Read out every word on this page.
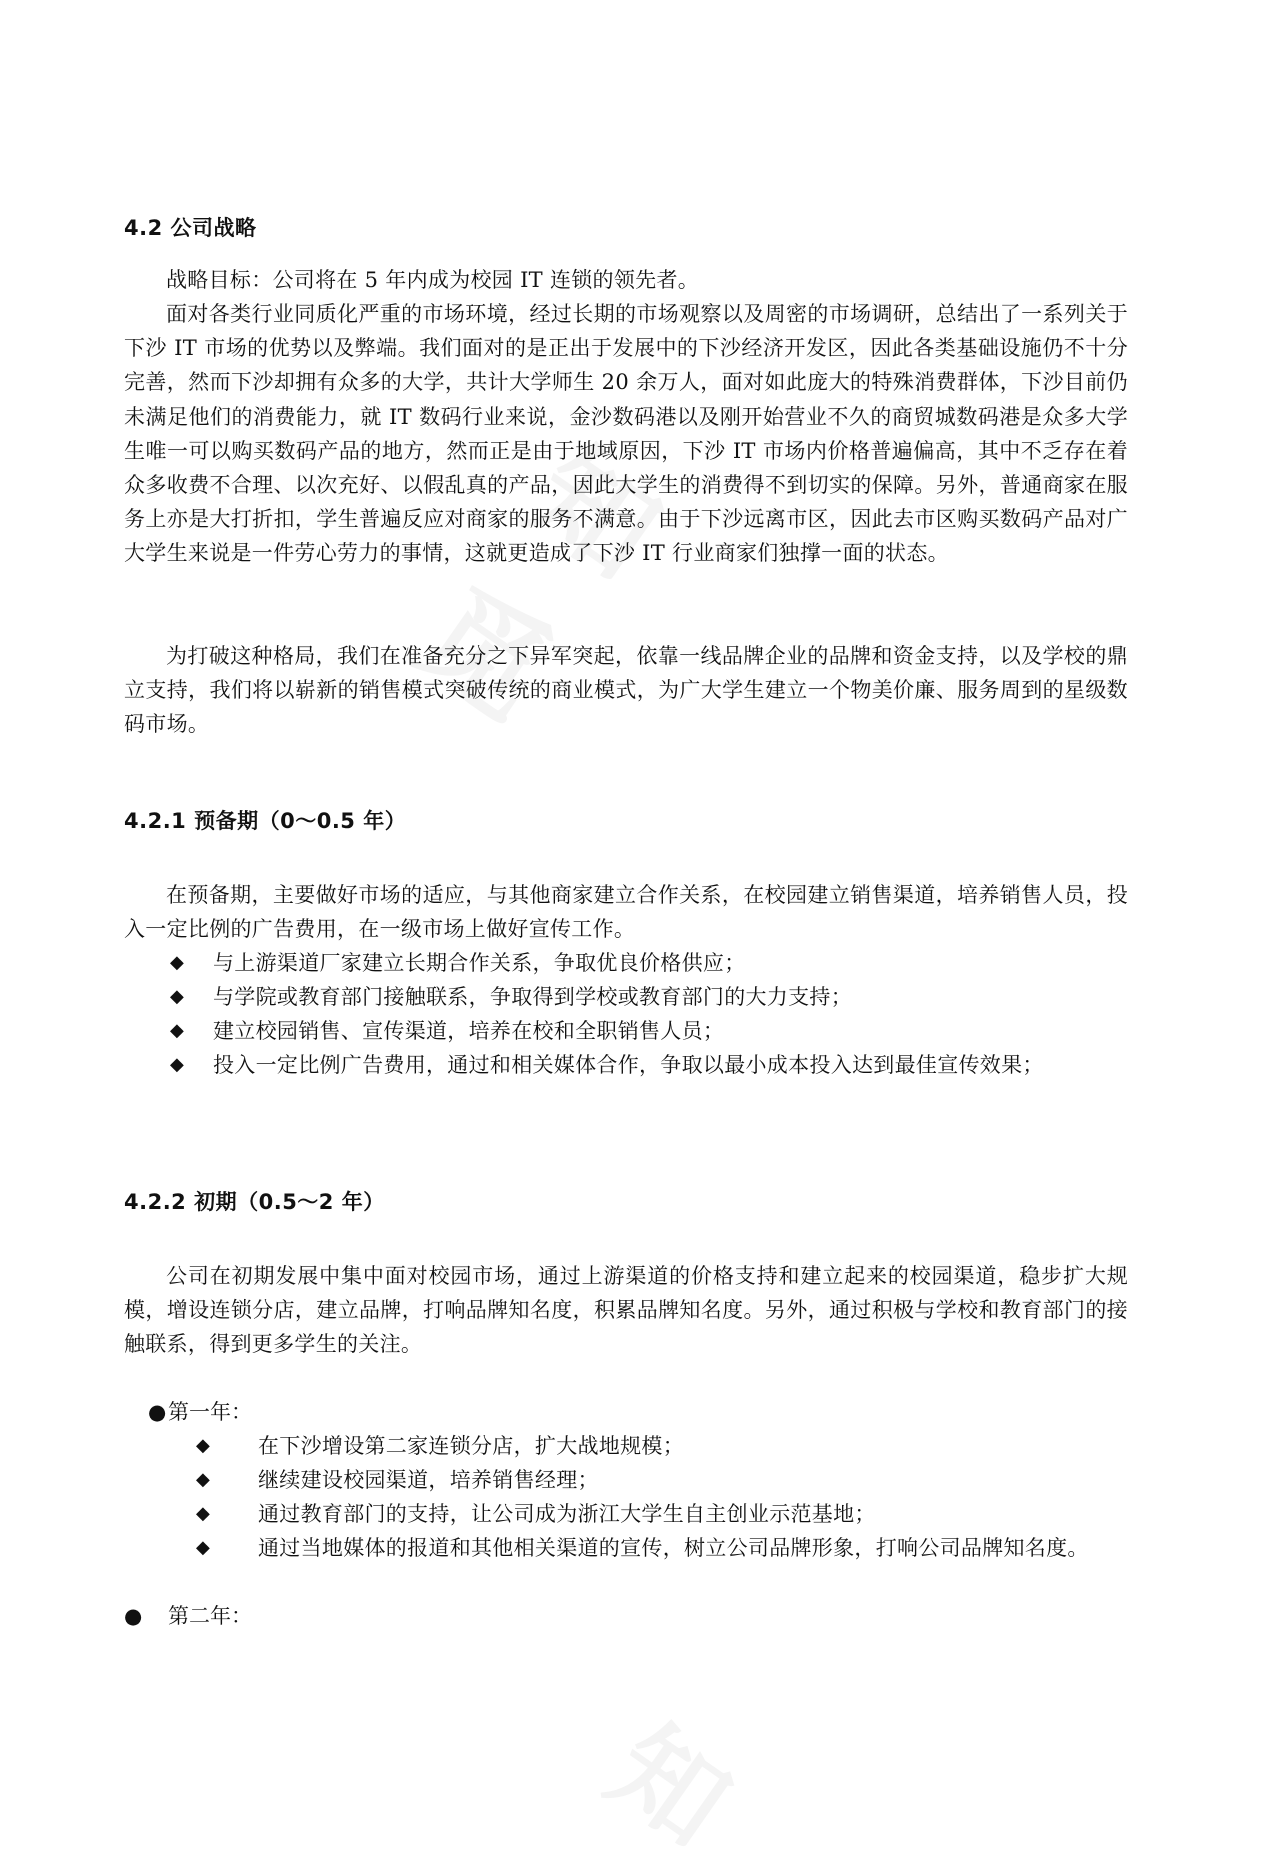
4.2 公司战略

战略目标：公司将在 5 年内成为校园 IT 连锁的领先者。

面对各类行业同质化严重的市场环境，经过长期的市场观察以及周密的市场调研，总结出了一系列关于下沙 IT 市场的优势以及弊端。我们面对的是正出于发展中的下沙经济开发区，因此各类基础设施仍不十分完善，然而下沙却拥有众多的大学，共计大学师生 20 余万人，面对如此庞大的特殊消费群体，下沙目前仍未满足他们的消费能力，就 IT 数码行业来说，金沙数码港以及刚开始营业不久的商贸城数码港是众多大学生唯一可以购买数码产品的地方，然而正是由于地域原因，下沙 IT 市场内价格普遍偏高，其中不乏存在着众多收费不合理、以次充好、以假乱真的产品，因此大学生的消费得不到切实的保障。另外，普通商家在服务上亦是大打折扣，学生普遍反应对商家的服务不满意。由于下沙远离市区，因此去市区购买数码产品对广大学生来说是一件劳心劳力的事情，这就更造成了下沙 IT 行业商家们独撑一面的状态。

为打破这种格局，我们在准备充分之下异军突起，依靠一线品牌企业的品牌和资金支持，以及学校的鼎立支持，我们将以崭新的销售模式突破传统的商业模式，为广大学生建立一个物美价廉、服务周到的星级数码市场。

4.2.1 预备期（0～0.5 年）

在预备期，主要做好市场的适应，与其他商家建立合作关系，在校园建立销售渠道，培养销售人员，投入一定比例的广告费用，在一级市场上做好宣传工作。

◆ 与上游渠道厂家建立长期合作关系，争取优良价格供应；
◆ 与学院或教育部门接触联系，争取得到学校或教育部门的大力支持；
◆ 建立校园销售、宣传渠道，培养在校和全职销售人员；
◆ 投入一定比例广告费用，通过和相关媒体合作，争取以最小成本投入达到最佳宣传效果；
4.2.2 初期（0.5～2 年）

公司在初期发展中集中面对校园市场，通过上游渠道的价格支持和建立起来的校园渠道，稳步扩大规模，增设连锁分店，建立品牌，打响品牌知名度，积累品牌知名度。另外，通过积极与学校和教育部门的接触联系，得到更多学生的关注。

● 第一年：
◆ 在下沙增设第二家连锁分店，扩大战地规模；
◆ 继续建设校园渠道，培养销售经理；
◆ 通过教育部门的支持，让公司成为浙江大学生自主创业示范基地；
◆ 通过当地媒体的报道和其他相关渠道的宣传，树立公司品牌形象，打响公司品牌知名度。
● 第二年：
